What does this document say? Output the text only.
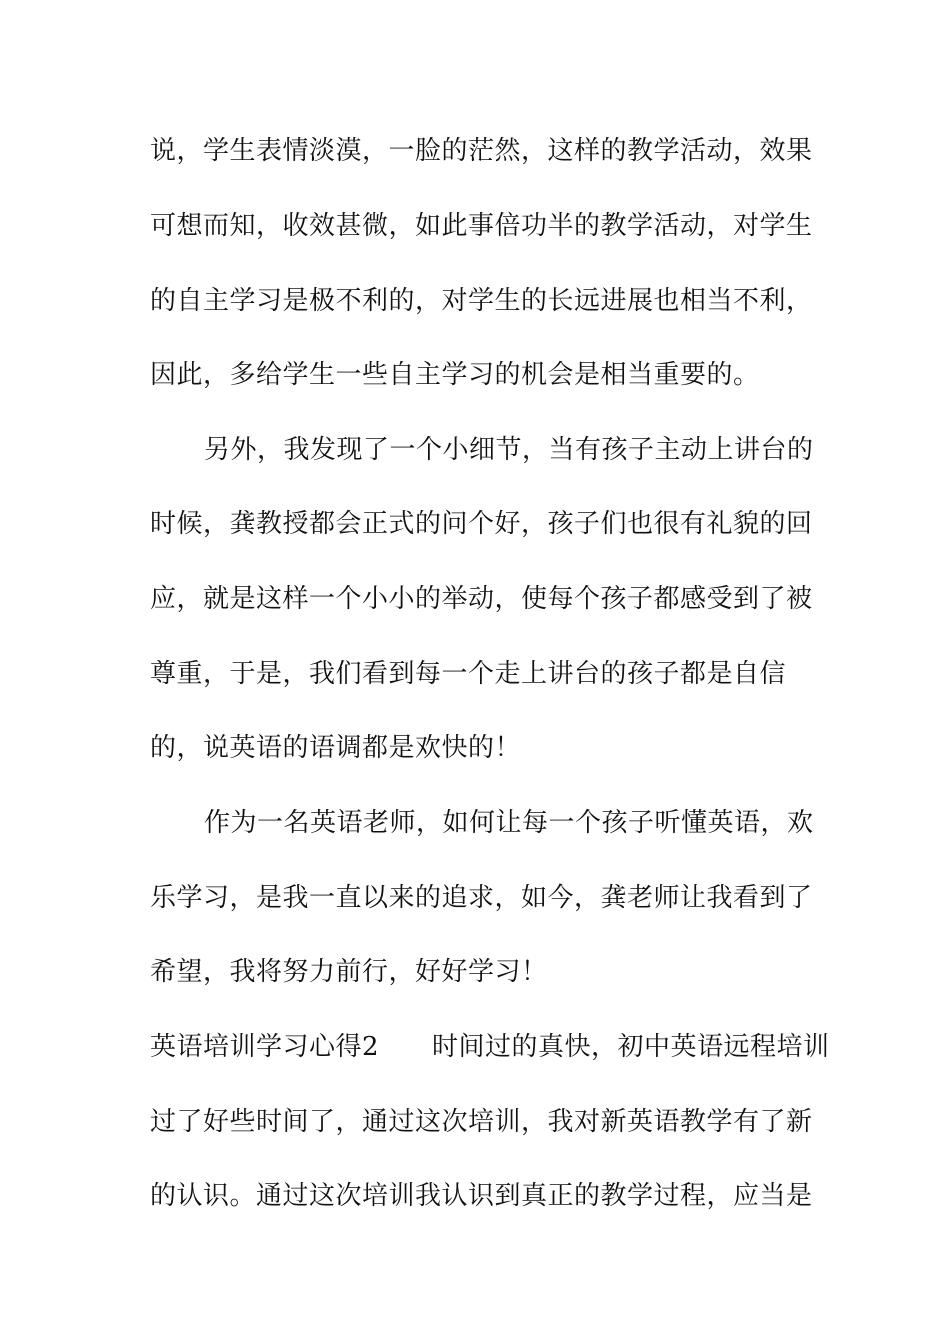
说，学生表情淡漠，一脸的茫然，这样的教学活动，效果
可想而知，收效甚微，如此事倍功半的教学活动，对学生
的自主学习是极不利的，对学生的长远进展也相当不利，
因此，多给学生一些自主学习的机会是相当重要的。
另外，我发现了一个小细节，当有孩子主动上讲台的
时候，龚教授都会正式的问个好，孩子们也很有礼貌的回
应，就是这样一个小小的举动，使每个孩子都感受到了被
尊重，于是，我们看到每一个走上讲台的孩子都是自信
的，说英语的语调都是欢快的！
作为一名英语老师，如何让每一个孩子听懂英语，欢
乐学习，是我一直以来的追求，如今，龚老师让我看到了
希望，我将努力前行，好好学习！
英语培训学习心得2　　时间过的真快，初中英语远程培训
过了好些时间了，通过这次培训，我对新英语教学有了新
的认识。通过这次培训我认识到真正的教学过程，应当是
